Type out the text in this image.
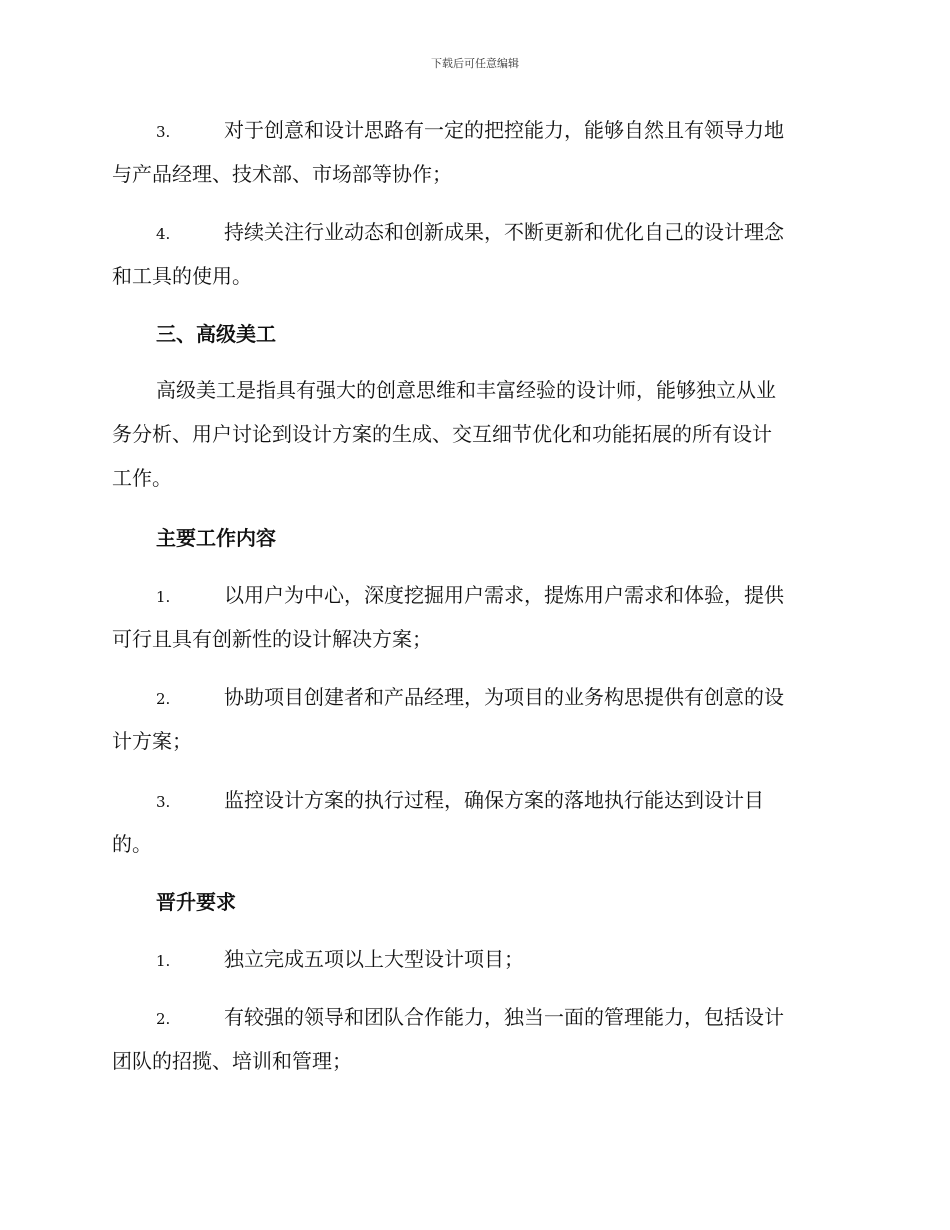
下载后可任意编辑
3.	对于创意和设计思路有一定的把控能力，能够自然且有领导力地
与产品经理、技术部、市场部等协作；
4.	持续关注行业动态和创新成果，不断更新和优化自己的设计理念
和工具的使用。
三、高级美工
高级美工是指具有强大的创意思维和丰富经验的设计师，能够独立从业
务分析、用户讨论到设计方案的生成、交互细节优化和功能拓展的所有设计
工作。
主要工作内容
1.	以用户为中心，深度挖掘用户需求，提炼用户需求和体验，提供
可行且具有创新性的设计解决方案；
2.	协助项目创建者和产品经理，为项目的业务构思提供有创意的设
计方案；
3.	监控设计方案的执行过程，确保方案的落地执行能达到设计目
的。
晋升要求
1.	独立完成五项以上大型设计项目；
2.	有较强的领导和团队合作能力，独当一面的管理能力，包括设计
团队的招揽、培训和管理；
